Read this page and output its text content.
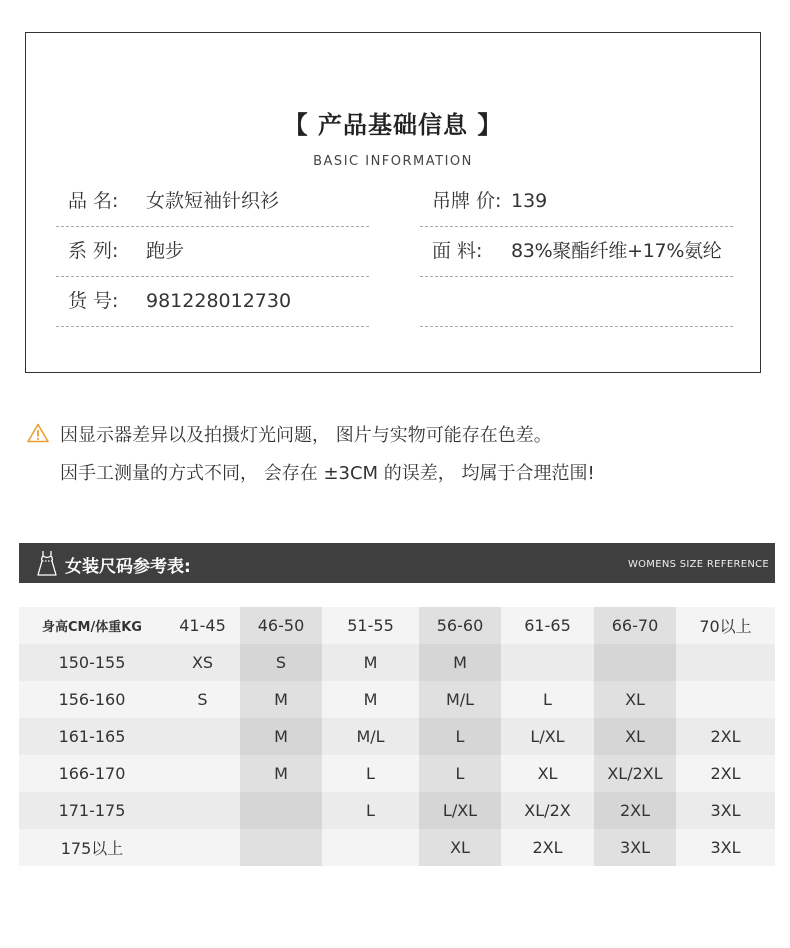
【 产品基础信息 】
BASIC INFORMATION
品 名: 女款短袖针织衫
系 列: 跑步
货 号: 981228012730
吊牌 价: 139
面 料: 83%聚酯纤维+17%氨纶
因显示器差异以及拍摄灯光问题， 图片与实物可能存在色差。
因手工测量的方式不同， 会存在 ±3CM 的误差， 均属于合理范围!
女装尺码参考表:	WOMENS SIZE REFERENCE
身高CM/体重KG	41-45	46-50	51-55	56-60	61-65	66-70	70以上
150-155	XS	S	M	M			
156-160	S	M	M	M/L	L	XL	
161-165		M	M/L	L	L/XL	XL	2XL
166-170		M	L	L	XL	XL/2XL	2XL
171-175			L	L/XL	XL/2X	2XL	3XL
175以上				XL	2XL	3XL	3XL
